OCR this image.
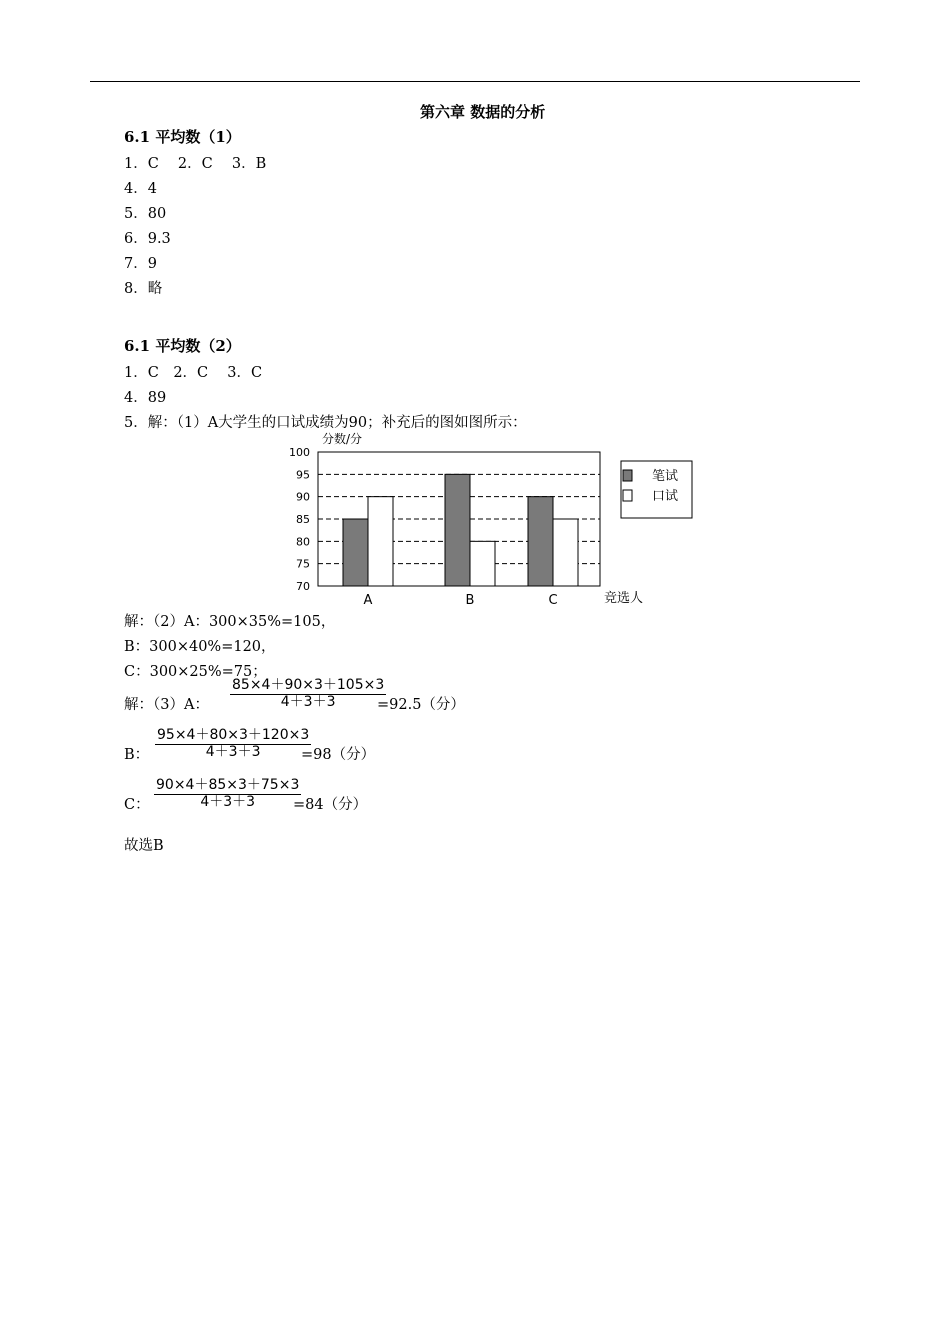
第六章 数据的分析
6.1 平均数（1）
1．C　 2．C　 3．B
4．4
5．80
6．9.3
7．9
8．略
6.1 平均数（2）
1．C　2．C　 3．C
4．89
5．解：（1）A大学生的口试成绩为90；补充后的图如图所示：
分数/分
100
95
90
85
80
75
70
A	B	C
笔试
口试
竞选人
解：（2）A：300×35%=105，
B：300×40%=120，
C：300×25%=75；
解：（3）A： $\frac{85\times 4+90\times 3+105\times 3}{4+3+3}$
=92.5（分）
B： $\frac{95\times 4+80\times 3+120\times 3}{4+3+3}$
=98（分）
C： $\frac{90\times 4+85\times 3+75\times 3}{4+3+3}$
=84（分）
故选B
